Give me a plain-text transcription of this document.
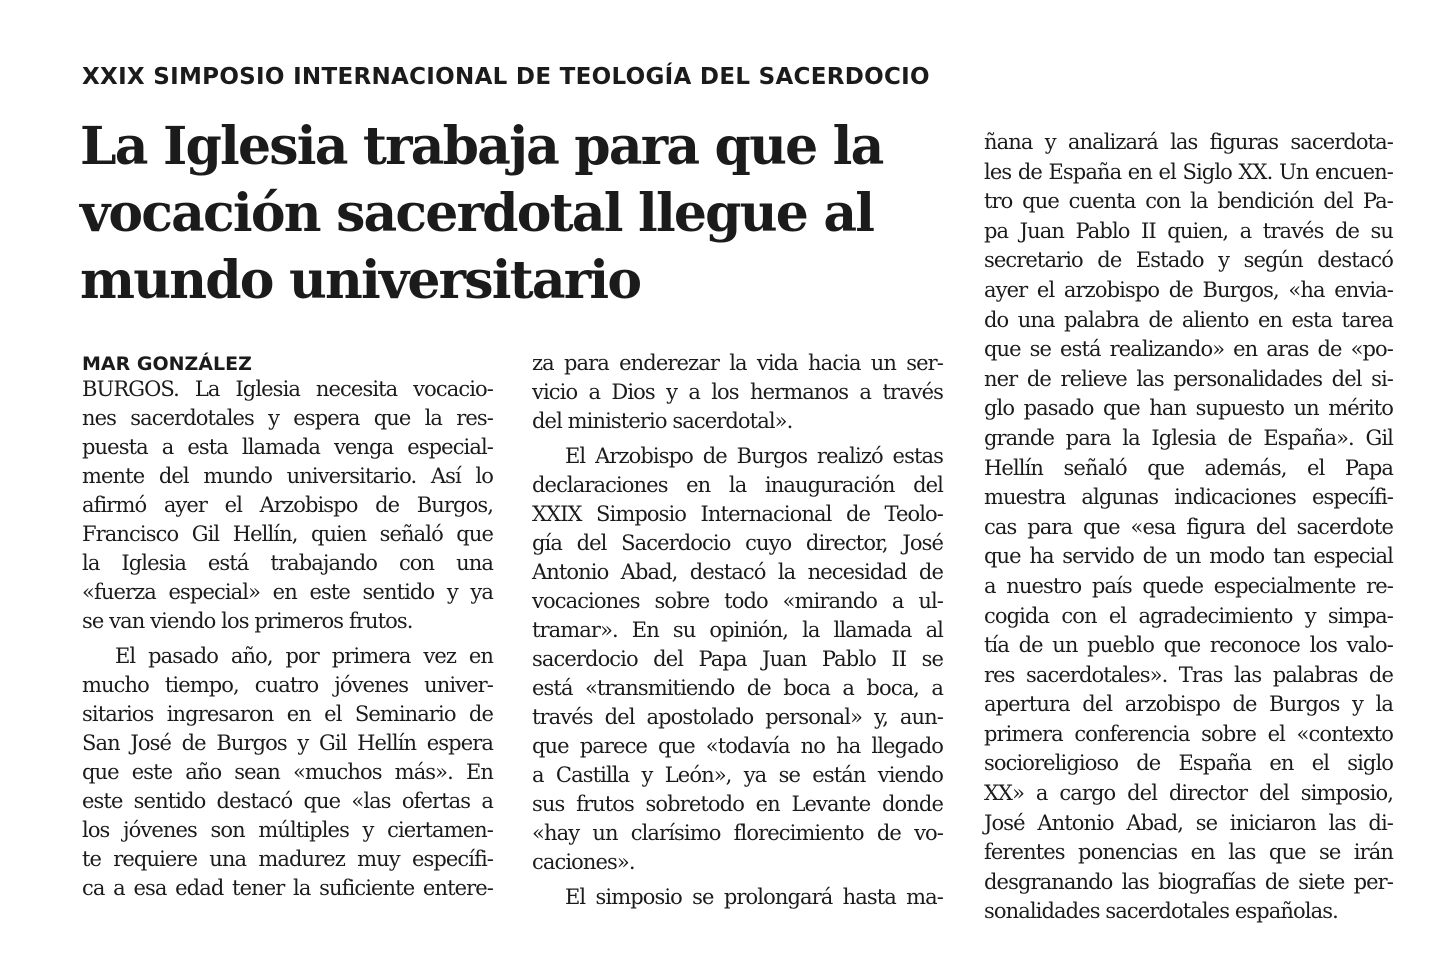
XXIX SIMPOSIO INTERNACIONAL DE TEOLOGÍA DEL SACERDOCIO
La Iglesia trabaja para que la
vocación sacerdotal llegue al
mundo universitario
MAR GONZÁLEZ
BURGOS. La Iglesia necesita vocacio-
nes sacerdotales y espera que la res-
puesta a esta llamada venga especial-
mente del mundo universitario. Así lo
afirmó ayer el Arzobispo de Burgos,
Francisco Gil Hellín, quien señaló que
la Iglesia está trabajando con una
«fuerza especial» en este sentido y ya
se van viendo los primeros frutos.
El pasado año, por primera vez en
mucho tiempo, cuatro jóvenes univer-
sitarios ingresaron en el Seminario de
San José de Burgos y Gil Hellín espera
que este año sean «muchos más». En
este sentido destacó que «las ofertas a
los jóvenes son múltiples y ciertamen-
te requiere una madurez muy específi-
ca a esa edad tener la suficiente entere-
za para enderezar la vida hacia un ser-
vicio a Dios y a los hermanos a través
del ministerio sacerdotal».
El Arzobispo de Burgos realizó estas
declaraciones en la inauguración del
XXIX Simposio Internacional de Teolo-
gía del Sacerdocio cuyo director, José
Antonio Abad, destacó la necesidad de
vocaciones sobre todo «mirando a ul-
tramar». En su opinión, la llamada al
sacerdocio del Papa Juan Pablo II se
está «transmitiendo de boca a boca, a
través del apostolado personal» y, aun-
que parece que «todavía no ha llegado
a Castilla y León», ya se están viendo
sus frutos sobretodo en Levante donde
«hay un clarísimo florecimiento de vo-
caciones».
El simposio se prolongará hasta ma-
ñana y analizará las figuras sacerdota-
les de España en el Siglo XX. Un encuen-
tro que cuenta con la bendición del Pa-
pa Juan Pablo II quien, a través de su
secretario de Estado y según destacó
ayer el arzobispo de Burgos, «ha envia-
do una palabra de aliento en esta tarea
que se está realizando» en aras de «po-
ner de relieve las personalidades del si-
glo pasado que han supuesto un mérito
grande para la Iglesia de España». Gil
Hellín señaló que además, el Papa
muestra algunas indicaciones específi-
cas para que «esa figura del sacerdote
que ha servido de un modo tan especial
a nuestro país quede especialmente re-
cogida con el agradecimiento y simpa-
tía de un pueblo que reconoce los valo-
res sacerdotales». Tras las palabras de
apertura del arzobispo de Burgos y la
primera conferencia sobre el «contexto
socioreligioso de España en el siglo
XX» a cargo del director del simposio,
José Antonio Abad, se iniciaron las di-
ferentes ponencias en las que se irán
desgranando las biografías de siete per-
sonalidades sacerdotales españolas.
